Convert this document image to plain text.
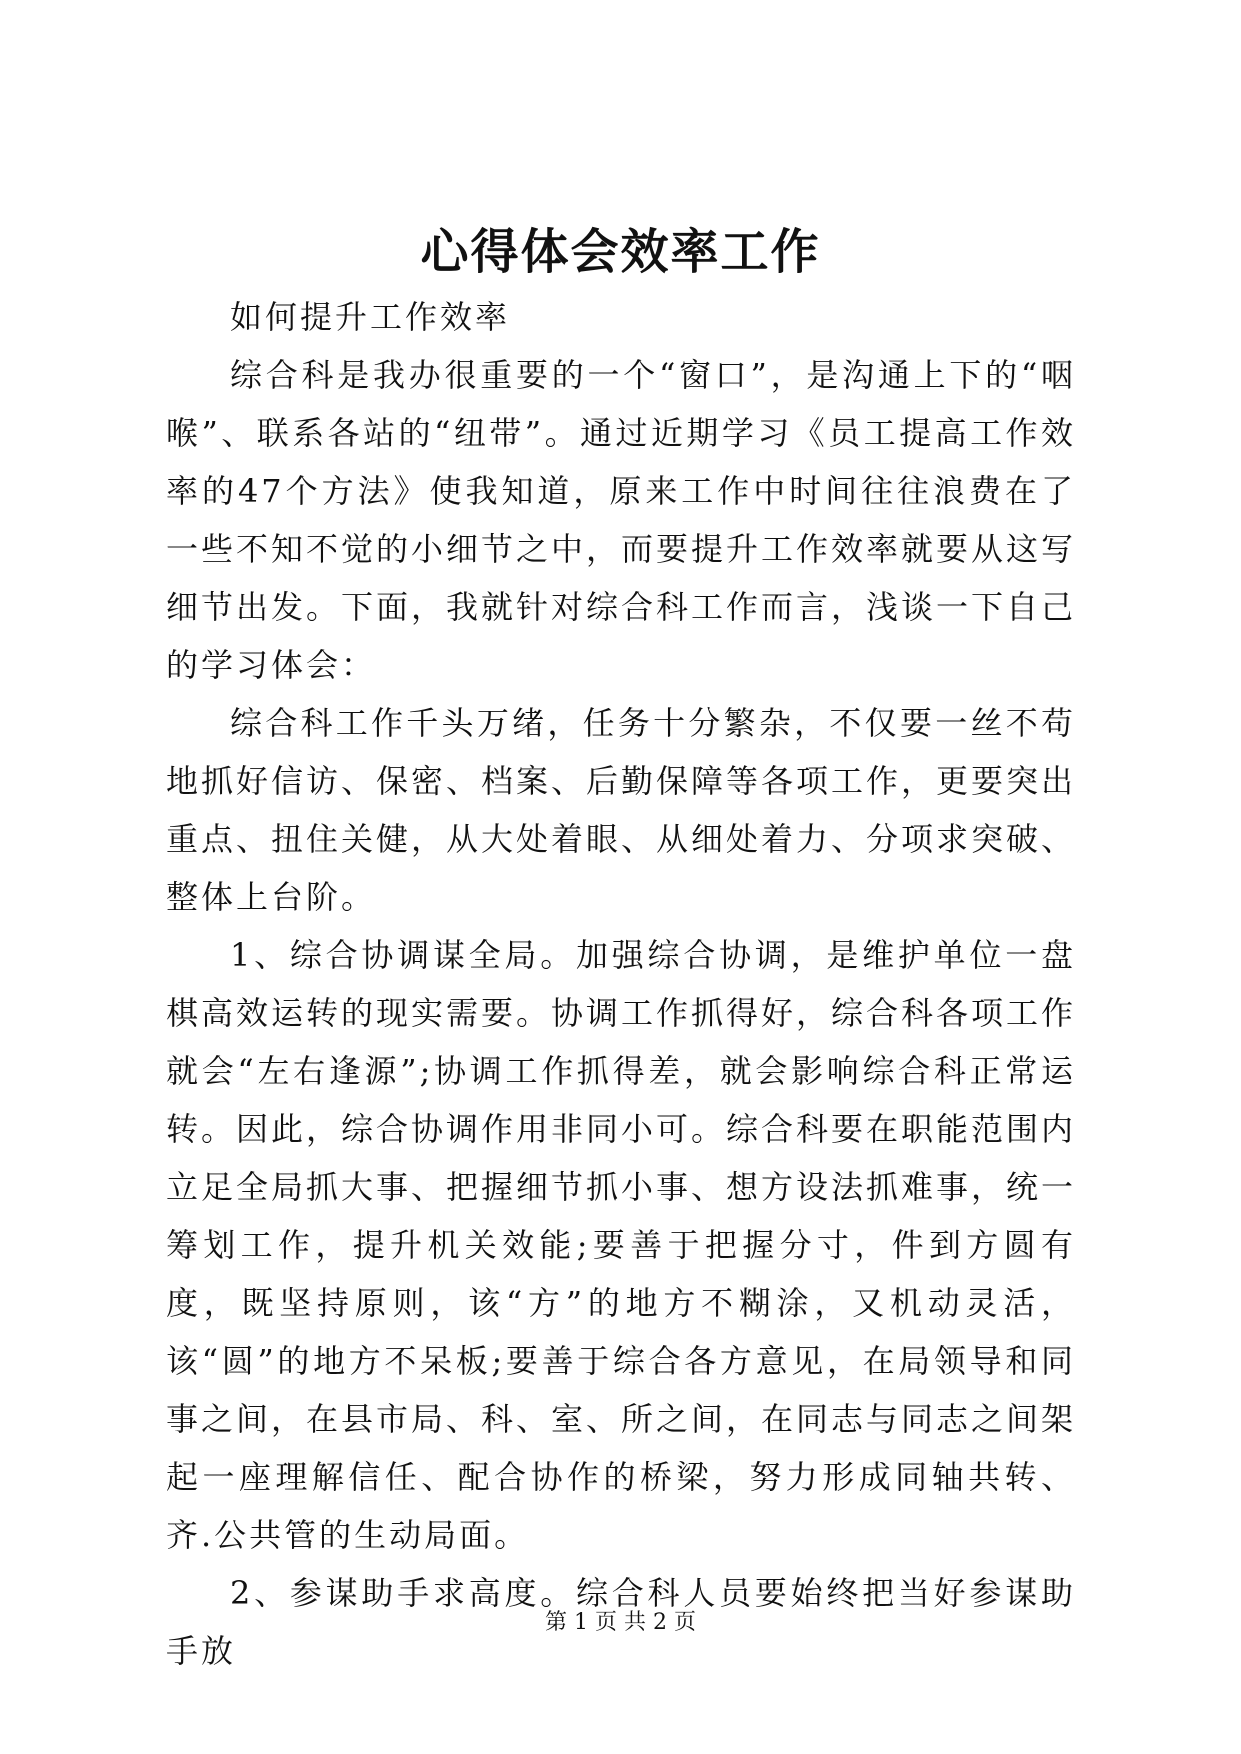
心得体会效率工作

如何提升工作效率

综合科是我办很重要的一个“窗口”，是沟通上下的“咽喉”、联系各站的“纽带”。通过近期学习《员工提高工作效率的47个方法》使我知道，原来工作中时间往往浪费在了一些不知不觉的小细节之中，而要提升工作效率就要从这写细节出发。下面，我就针对综合科工作而言，浅谈一下自己的学习体会：

综合科工作千头万绪，任务十分繁杂，不仅要一丝不苟地抓好信访、保密、档案、后勤保障等各项工作，更要突出重点、扭住关健，从大处着眼、从细处着力、分项求突破、整体上台阶。

1、综合协调谋全局。加强综合协调，是维护单位一盘棋高效运转的现实需要。协调工作抓得好，综合科各项工作就会“左右逢源”;协调工作抓得差，就会影响综合科正常运转。因此，综合协调作用非同小可。综合科要在职能范围内立足全局抓大事、把握细节抓小事、想方设法抓难事，统一筹划工作，提升机关效能;要善于把握分寸，件到方圆有度，既坚持原则，该“方”的地方不糊涂，又机动灵活，该“圆”的地方不呆板;要善于综合各方意见，在局领导和同事之间，在县市局、科、室、所之间，在同志与同志之间架起一座理解信任、配合协作的桥梁，努力形成同轴共转、齐.公共管的生动局面。

2、参谋助手求高度。综合科人员要始终把当好参谋助手放

第 1 页 共 2 页
